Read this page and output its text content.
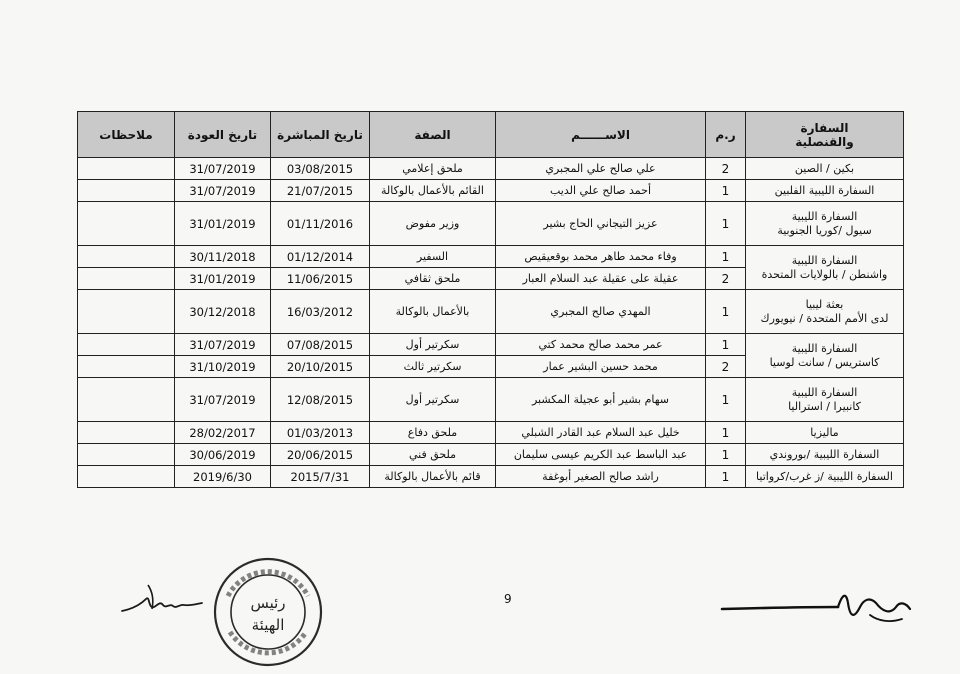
السفارة
والقنصلية	ر.م	الاســــــم	الصفة	تاريخ المباشرة	تاريخ العودة	ملاحظات

بكين / الصين	2	علي صالح علي المجبري	ملحق إعلامي	03/08/2015	31/07/2019	

السفارة الليبية الفلبين	1	أحمد صالح علي الديب	القائم بالأعمال بالوكالة	21/07/2015	31/07/2019	

السفارة الليبية
سيول /كوريا الجنوبية	1	عزيز التيجاني الحاج بشير	وزير مفوض	01/11/2016	31/01/2019	

السفارة الليبية
واشنطن / بالولايات المتحدة	1	وفاء محمد طاهر محمد بوقعيقيص	السفير	01/12/2014	30/11/2018	
	2	عقيلة على عقيلة عبد السلام العبار	ملحق ثقافي	11/06/2015	31/01/2019	

بعثة ليبيا
لدى الأمم المتحدة / نيويورك	1	المهدي صالح المجبري	بالأعمال بالوكالة	16/03/2012	30/12/2018	

السفارة الليبية
كاستريس / سانت لوسيا	1	عمر محمد صالح محمد كتي	سكرتير أول	07/08/2015	31/07/2019	
	2	محمد حسين البشير عمار	سكرتير ثالث	20/10/2015	31/10/2019	

السفارة الليبية
كانبيرا / استراليا	1	سهام بشير أبو عجيلة المكشبر	سكرتير أول	12/08/2015	31/07/2019	

ماليزيا	1	خليل عبد السلام عبد القادر الشبلي	ملحق دفاع	01/03/2013	28/02/2017	

السفارة الليبية /بوروندي	1	عبد الباسط عبد الكريم عيسى سليمان	ملحق فني	20/06/2015	30/06/2019	

السفارة الليبية /ز غرب/كرواتيا	1	راشد صالح الصغير أبوغفة	قائم بالأعمال بالوكالة	2015/7/31	2019/6/30	
9
رئيس
الهيئة
